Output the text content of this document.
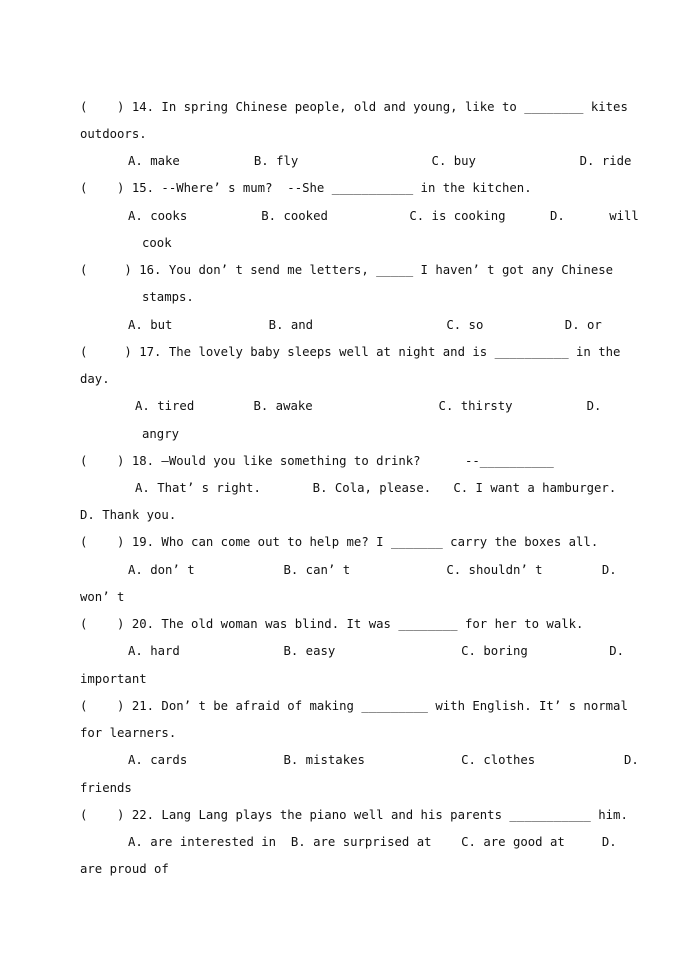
(    ) 14. In spring Chinese people, old and young, like to ________ kites
outdoors.
A. make          B. fly                  C. buy              D. ride
(    ) 15. --Where’ s mum?  --She ___________ in the kitchen.
A. cooks          B. cooked           C. is cooking      D.      will
cook
(     ) 16. You don’ t send me letters, _____ I haven’ t got any Chinese
stamps.
A. but             B. and                  C. so           D. or
(     ) 17. The lovely baby sleeps well at night and is __________ in the
day.
A. tired        B. awake                 C. thirsty          D.
angry
(    ) 18. –Would you like something to drink?      --__________
A. That’ s right.       B. Cola, please.   C. I want a hamburger.
D. Thank you.
(    ) 19. Who can come out to help me? I _______ carry the boxes all.
A. don’ t            B. can’ t             C. shouldn’ t        D.
won’ t
(    ) 20. The old woman was blind. It was ________ for her to walk.
A. hard              B. easy                 C. boring           D.
important
(    ) 21. Don’ t be afraid of making _________ with English. It’ s normal
for learners.
A. cards             B. mistakes             C. clothes            D.
friends
(    ) 22. Lang Lang plays the piano well and his parents ___________ him.
A. are interested in  B. are surprised at    C. are good at     D.
are proud of
